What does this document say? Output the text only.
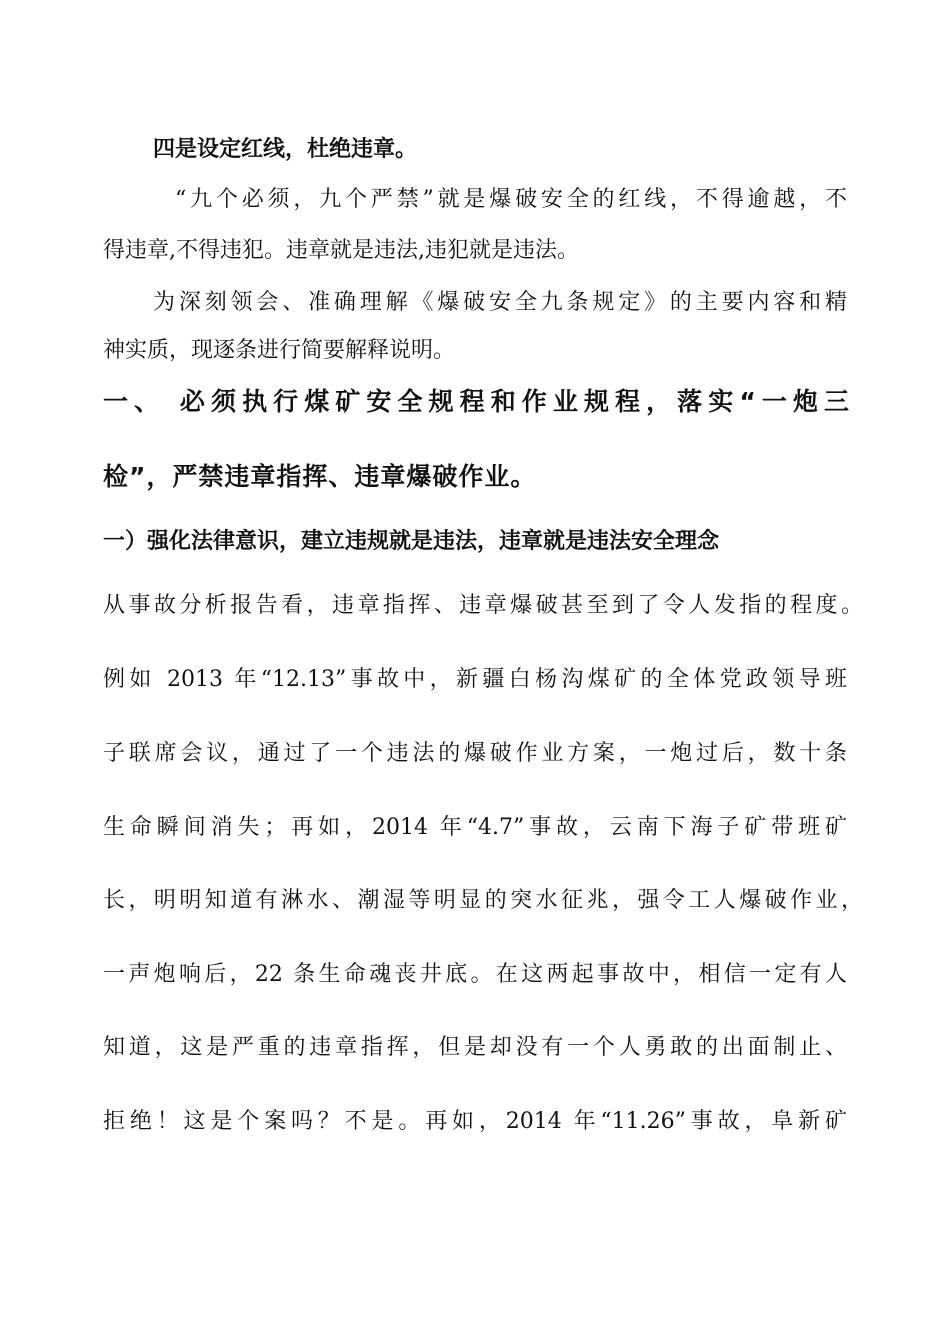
四是设定红线，杜绝违章。
“九个必须，九个严禁”就是爆破安全的红线，不得逾越，不
得违章,不得违犯。违章就是违法,违犯就是违法。
为深刻领会、准确理解《爆破安全九条规定》的主要内容和精
神实质，现逐条进行简要解释说明。
一、 必须执行煤矿安全规程和作业规程，落实“一炮三
检”，严禁违章指挥、违章爆破作业。
一）强化法律意识，建立违规就是违法，违章就是违法安全理念
从事故分析报告看，违章指挥、违章爆破甚至到了令人发指的程度。
例如 2013 年“12.13”事故中，新疆白杨沟煤矿的全体党政领导班
子联席会议，通过了一个违法的爆破作业方案，一炮过后，数十条
生命瞬间消失；再如，2014 年“4.7”事故，云南下海子矿带班矿
长，明明知道有淋水、潮湿等明显的突水征兆，强令工人爆破作业，
一声炮响后，22 条生命魂丧井底。在这两起事故中，相信一定有人
知道，这是严重的违章指挥，但是却没有一个人勇敢的出面制止、
拒绝！这是个案吗？不是。再如，2014 年“11.26”事故，阜新矿
